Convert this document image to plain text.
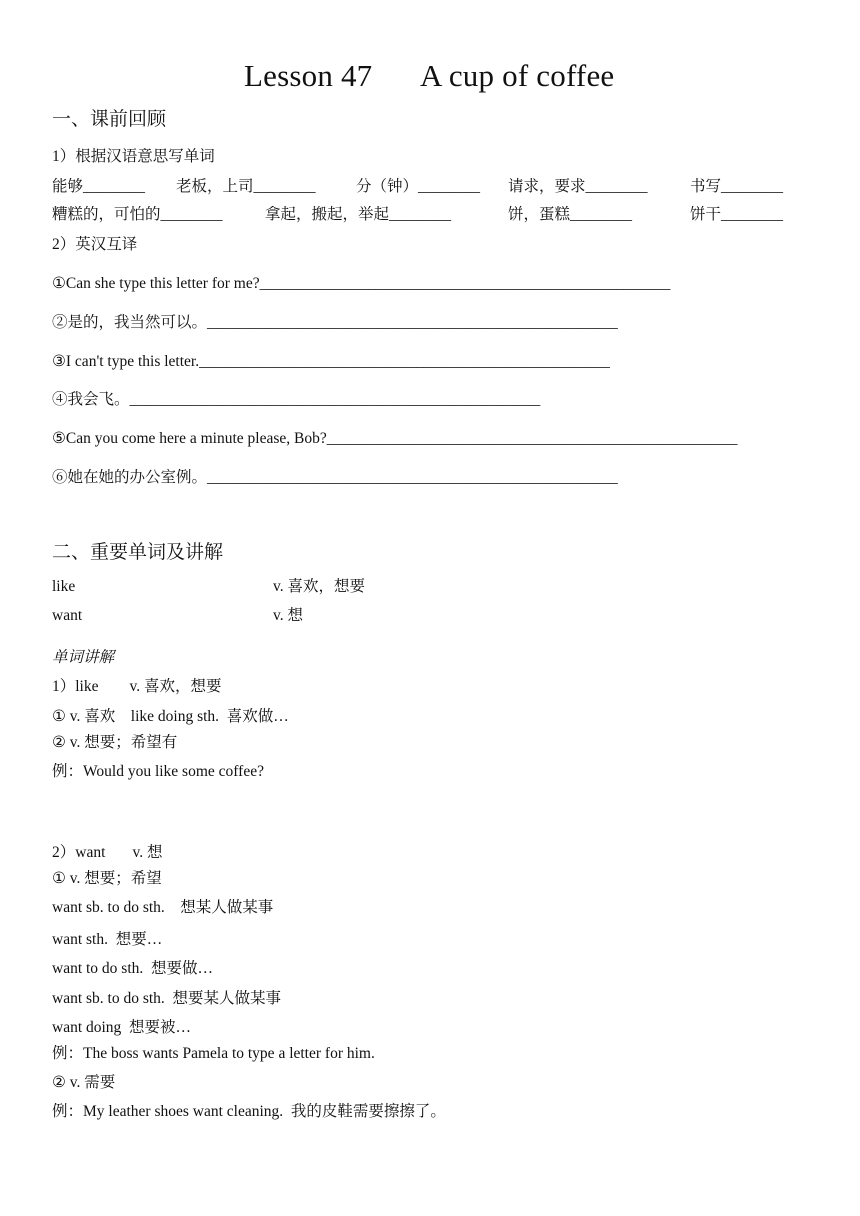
Lesson 47 A cup of coffee
一、课前回顾
1）根据汉语意思写单词
能够________ 老板，上司________	分（钟）________ 请求，要求________	书写________
糟糕的，可怕的________	拿起，搬起，举起________	饼，蛋糕________	饼干________
2）英汉互译
①Can she type this letter for me?_____________________________________________________
②是的，我当然可以。_____________________________________________________
③I can't type this letter._____________________________________________________
④我会飞。_____________________________________________________
⑤Can you come here a minute please, Bob?_____________________________________________________
⑥她在她的办公室例。_____________________________________________________
二、重要单词及讲解
like	v. 喜欢，想要
want	v. 想
单词讲解
1）like        v. 喜欢，想要
① v. 喜欢    like doing sth.  喜欢做…
② v. 想要；希望有
例：Would you like some coffee?
2）want       v. 想
① v. 想要；希望
want sb. to do sth.    想某人做某事
want sth.  想要…
want to do sth.  想要做…
want sb. to do sth.  想要某人做某事
want doing  想要被…
例：The boss wants Pamela to type a letter for him.
② v. 需要
例：My leather shoes want cleaning.  我的皮鞋需要擦擦了。
